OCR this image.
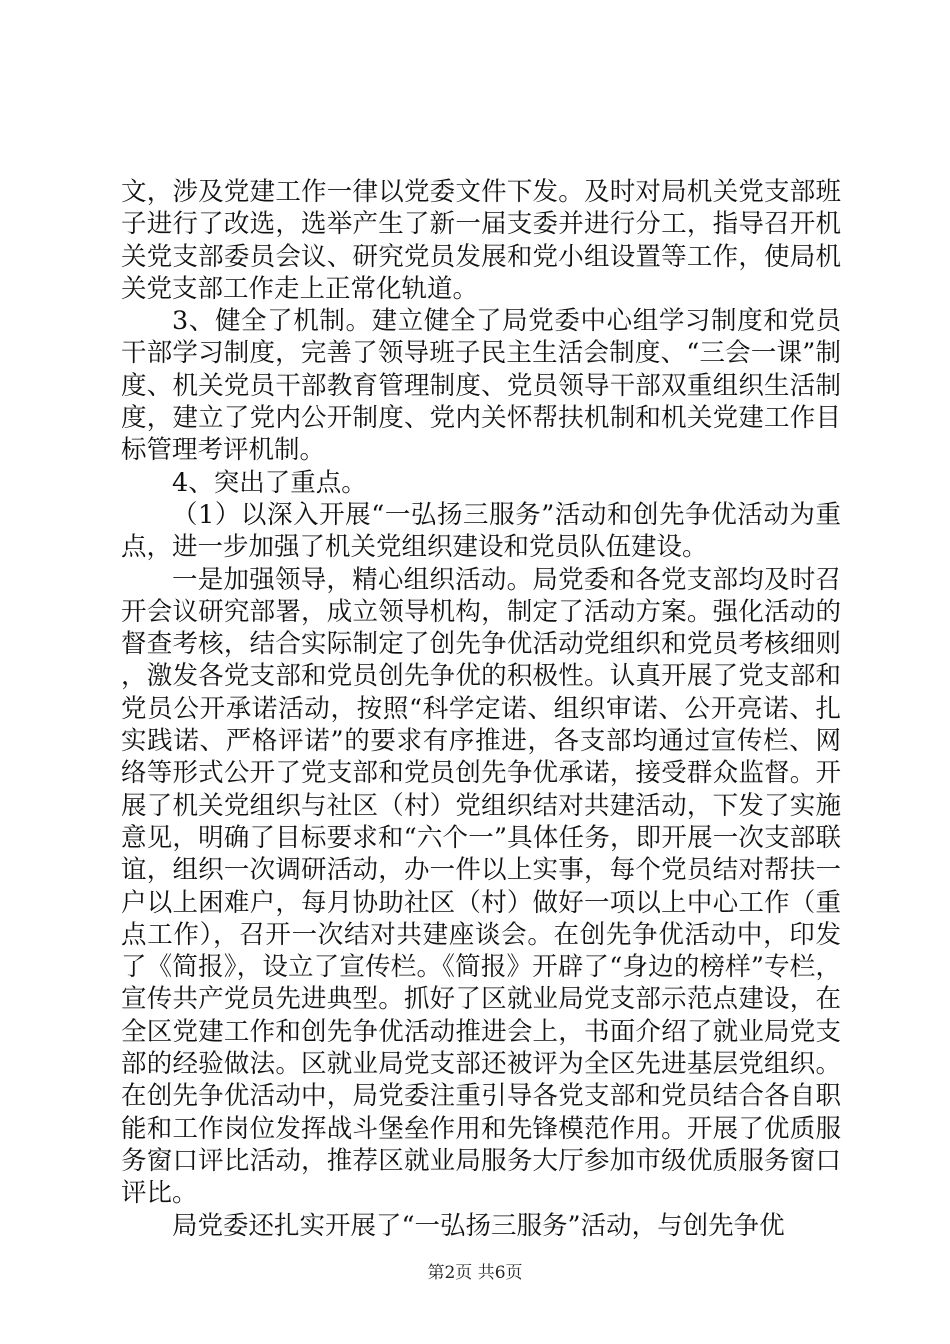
文，涉及党建工作一律以党委文件下发。及时对局机关党支部班子进行了改选，选举产生了新一届支委并进行分工，指导召开机关党支部委员会议、研究党员发展和党小组设置等工作，使局机关党支部工作走上正常化轨道。

3、健全了机制。建立健全了局党委中心组学习制度和党员干部学习制度，完善了领导班子民主生活会制度、“三会一课”制度、机关党员干部教育管理制度、党员领导干部双重组织生活制度，建立了党内公开制度、党内关怀帮扶机制和机关党建工作目标管理考评机制。

4、突出了重点。

（1）以深入开展“一弘扬三服务”活动和创先争优活动为重点，进一步加强了机关党组织建设和党员队伍建设。

一是加强领导，精心组织活动。局党委和各党支部均及时召开会议研究部署，成立领导机构，制定了活动方案。强化活动的督查考核，结合实际制定了创先争优活动党组织和党员考核细则，激发各党支部和党员创先争优的积极性。认真开展了党支部和党员公开承诺活动，按照“科学定诺、组织审诺、公开亮诺、扎实践诺、严格评诺”的要求有序推进，各支部均通过宣传栏、网络等形式公开了党支部和党员创先争优承诺，接受群众监督。开展了机关党组织与社区（村）党组织结对共建活动，下发了实施意见，明确了目标要求和“六个一”具体任务，即开展一次支部联谊，组织一次调研活动，办一件以上实事，每个党员结对帮扶一户以上困难户，每月协助社区（村）做好一项以上中心工作（重点工作），召开一次结对共建座谈会。在创先争优活动中，印发了《简报》，设立了宣传栏。《简报》开辟了“身边的榜样”专栏，宣传共产党员先进典型。抓好了区就业局党支部示范点建设，在全区党建工作和创先争优活动推进会上，书面介绍了就业局党支部的经验做法。区就业局党支部还被评为全区先进基层党组织。在创先争优活动中，局党委注重引导各党支部和党员结合各自职能和工作岗位发挥战斗堡垒作用和先锋模范作用。开展了优质服务窗口评比活动，推荐区就业局服务大厅参加市级优质服务窗口评比。

局党委还扎实开展了“一弘扬三服务”活动，与创先争优

第2页 共6页
